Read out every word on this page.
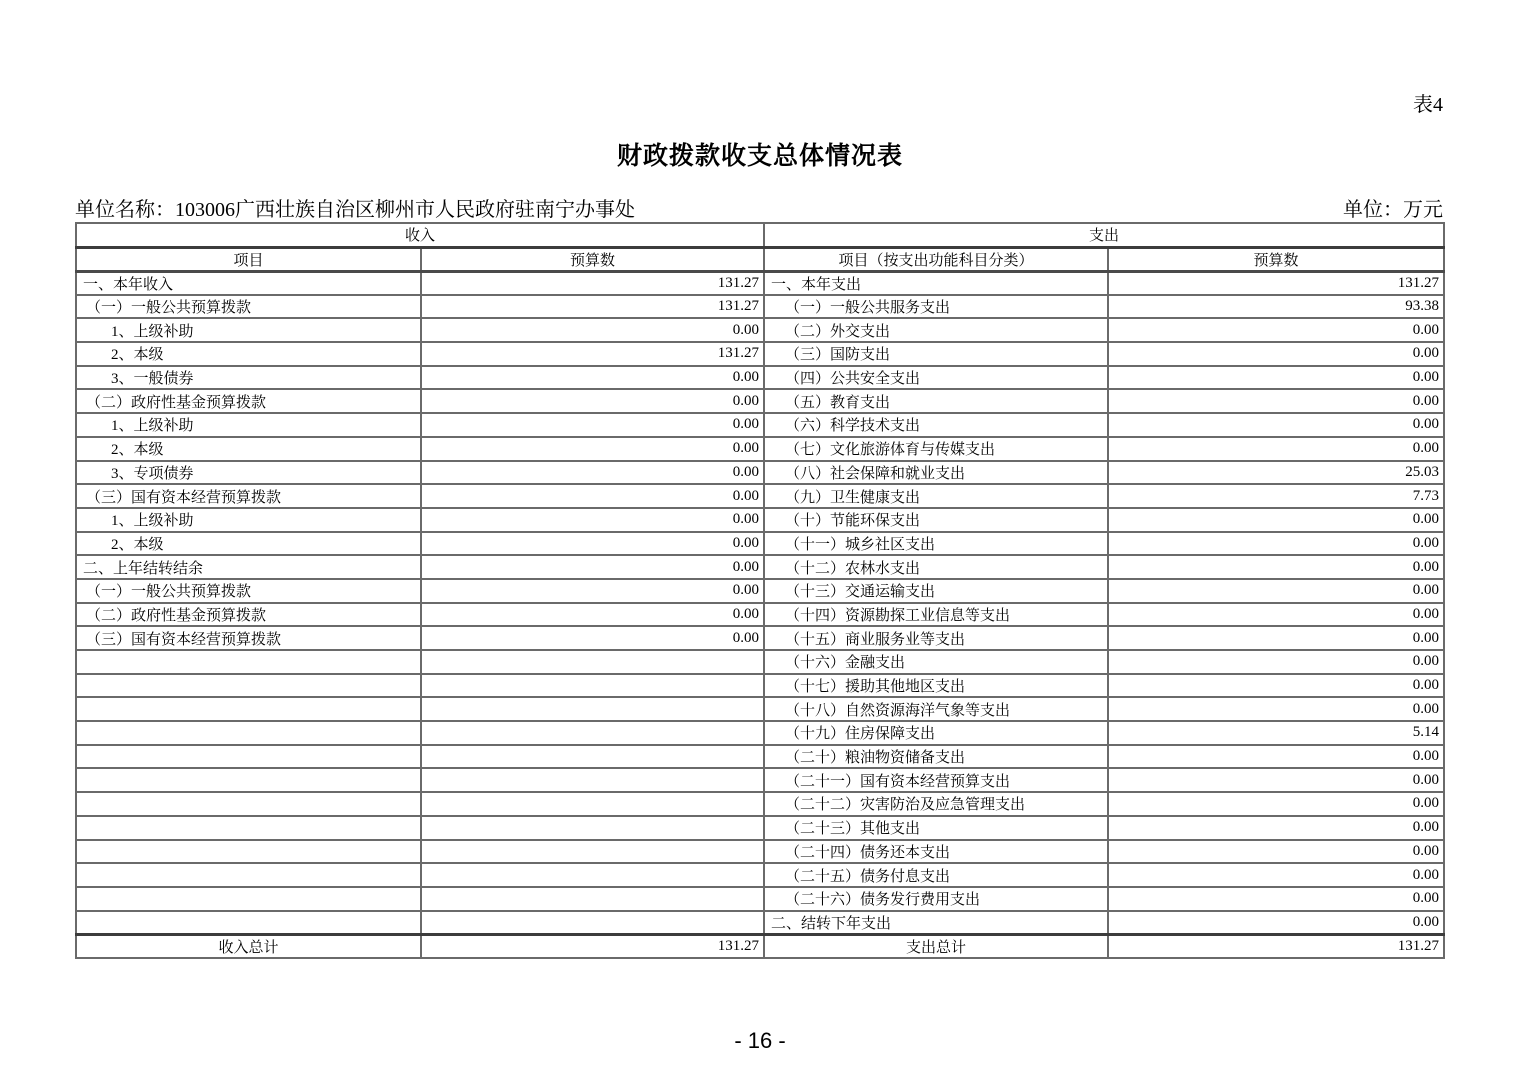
表4
财政拨款收支总体情况表
单位名称：103006广西壮族自治区柳州市人民政府驻南宁办事处	单位：万元
收入		支出	
项目	预算数	项目（按支出功能科目分类）	预算数
一、本年收入	131.27	一、本年支出	131.27
（一）一般公共预算拨款	131.27	（一）一般公共服务支出	93.38
1、上级补助	0.00	（二）外交支出	0.00
2、本级	131.27	（三）国防支出	0.00
3、一般债券	0.00	（四）公共安全支出	0.00
（二）政府性基金预算拨款	0.00	（五）教育支出	0.00
1、上级补助	0.00	（六）科学技术支出	0.00
2、本级	0.00	（七）文化旅游体育与传媒支出	0.00
3、专项债券	0.00	（八）社会保障和就业支出	25.03
（三）国有资本经营预算拨款	0.00	（九）卫生健康支出	7.73
1、上级补助	0.00	（十）节能环保支出	0.00
2、本级	0.00	（十一）城乡社区支出	0.00
二、上年结转结余	0.00	（十二）农林水支出	0.00
（一）一般公共预算拨款	0.00	（十三）交通运输支出	0.00
（二）政府性基金预算拨款	0.00	（十四）资源勘探工业信息等支出	0.00
（三）国有资本经营预算拨款	0.00	（十五）商业服务业等支出	0.00
		（十六）金融支出	0.00
		（十七）援助其他地区支出	0.00
		（十八）自然资源海洋气象等支出	0.00
		（十九）住房保障支出	5.14
		（二十）粮油物资储备支出	0.00
		（二十一）国有资本经营预算支出	0.00
		（二十二）灾害防治及应急管理支出	0.00
		（二十三）其他支出	0.00
		（二十四）债务还本支出	0.00
		（二十五）债务付息支出	0.00
		（二十六）债务发行费用支出	0.00
		二、结转下年支出	0.00
收入总计	131.27	支出总计	131.27
- 16 -
